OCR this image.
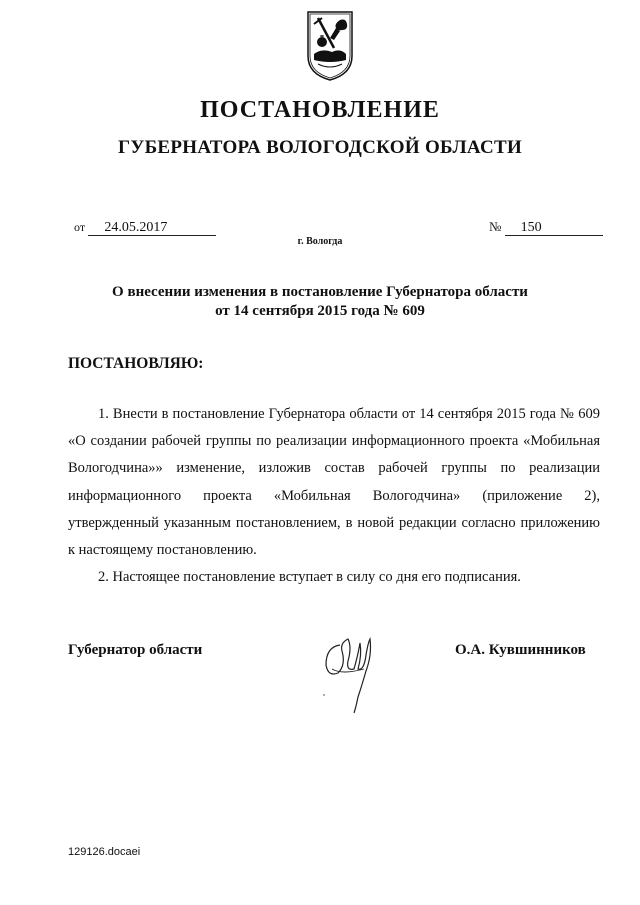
ПОСТАНОВЛЕНИЕ
ГУБЕРНАТОРА ВОЛОГОДСКОЙ ОБЛАСТИ
от 24.05.2017	№ 150
г. Вологда
О внесении изменения в постановление Губернатора области
от 14 сентября 2015 года № 609
ПОСТАНОВЛЯЮ:

1. Внести в постановление Губернатора области от 14 сентября 2015 года № 609 «О создании рабочей группы по реализации информационного проекта «Мобильная Вологодчина»» изменение, изложив состав рабочей группы по реализации информационного проекта «Мобильная Вологодчина» (приложение 2), утвержденный указанным постановлением, в новой редакции согласно приложению к настоящему постановлению.

2. Настоящее постановление вступает в силу со дня его подписания.

Губернатор области	О.А. Кувшинников
129126.docaei
